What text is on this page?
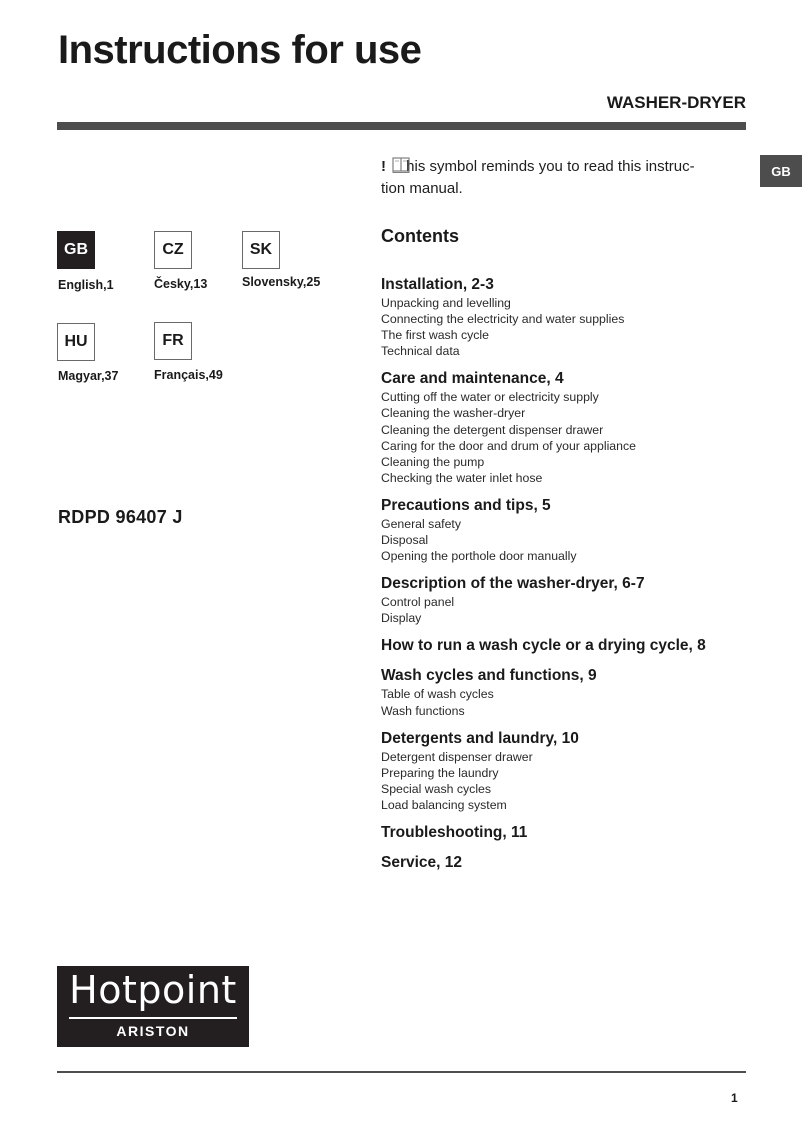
Instructions for use
WASHER-DRYER
GB
GB
English,1
CZ
Česky,13
SK
Slovensky,25
HU
Magyar,37
FR
Français,49
RDPD 96407 J
! his symbol reminds you to read this instruc-
tion manual.
Contents
Installation, 2-3
Unpacking and levelling
Connecting the electricity and water supplies
The first wash cycle
Technical data
Care and maintenance, 4
Cutting off the water or electricity supply
Cleaning the washer-dryer
Cleaning the detergent dispenser drawer
Caring for the door and drum of your appliance
Cleaning the pump
Checking the water inlet hose
Precautions and tips, 5
General safety
Disposal
Opening the porthole door manually
Description of the washer-dryer, 6-7
Control panel
Display
How to run a wash cycle or a drying cycle, 8
Wash cycles and functions, 9
Table of wash cycles
Wash functions
Detergents and laundry, 10
Detergent dispenser drawer
Preparing the laundry
Special wash cycles
Load balancing system
Troubleshooting, 11
Service, 12
Hotpoint
ARISTON
1
